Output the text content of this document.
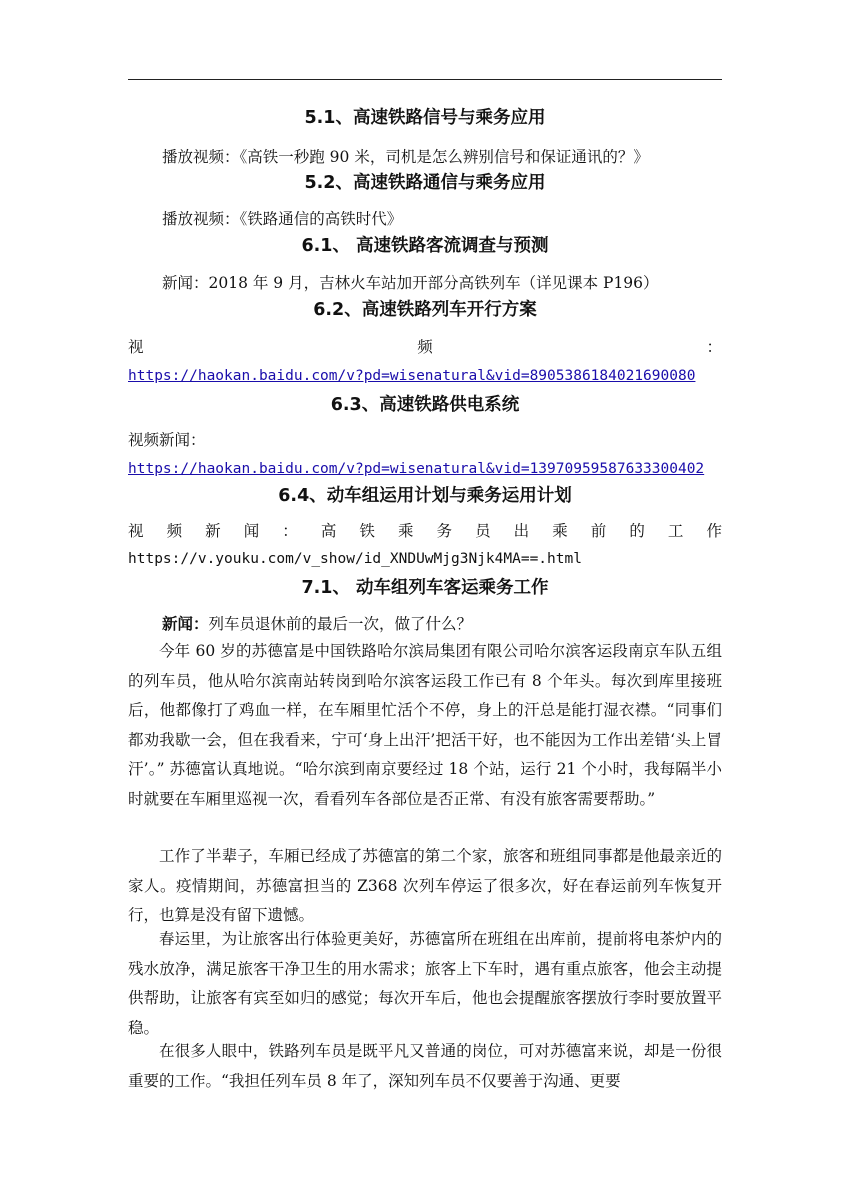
5.1、高速铁路信号与乘务应用
播放视频：《高铁一秒跑 90 米，司机是怎么辨别信号和保证通讯的？》
5.2、高速铁路通信与乘务应用
播放视频：《铁路通信的高铁时代》
6.1、 高速铁路客流调查与预测
新闻：2018 年 9 月，吉林火车站加开部分高铁列车（详见课本 P196）
6.2、高速铁路列车开行方案
视	频	：
https://haokan.baidu.com/v?pd=wisenatural&vid=8905386184021690080
6.3、高速铁路供电系统
视频新闻：
https://haokan.baidu.com/v?pd=wisenatural&vid=13970959587633300402
6.4、动车组运用计划与乘务运用计划
视 频 新 闻 ： 高 铁 乘 务 员 出 乘 前 的 工 作
https://v.youku.com/v_show/id_XNDUwMjg3Njk4MA==.html
7.1、 动车组列车客运乘务工作
新闻：列车员退休前的最后一次，做了什么？
今年 60 岁的苏德富是中国铁路哈尔滨局集团有限公司哈尔滨客运段南京车队五组的列车员，他从哈尔滨南站转岗到哈尔滨客运段工作已有 8 个年头。每次到库里接班后，他都像打了鸡血一样，在车厢里忙活个不停，身上的汗总是能打湿衣襟。“同事们都劝我歇一会，但在我看来，宁可‘身上出汗’把活干好，也不能因为工作出差错‘头上冒汗’。” 苏德富认真地说。“哈尔滨到南京要经过 18 个站，运行 21 个小时，我每隔半小时就要在车厢里巡视一次，看看列车各部位是否正常、有没有旅客需要帮助。”
工作了半辈子，车厢已经成了苏德富的第二个家，旅客和班组同事都是他最亲近的家人。疫情期间，苏德富担当的 Z368 次列车停运了很多次，好在春运前列车恢复开行，也算是没有留下遗憾。
春运里，为让旅客出行体验更美好，苏德富所在班组在出库前，提前将电茶炉内的残水放净，满足旅客干净卫生的用水需求；旅客上下车时，遇有重点旅客，他会主动提供帮助，让旅客有宾至如归的感觉；每次开车后，他也会提醒旅客摆放行李时要放置平稳。
在很多人眼中，铁路列车员是既平凡又普通的岗位，可对苏德富来说，却是一份很重要的工作。“我担任列车员 8 年了，深知列车员不仅要善于沟通、更要
